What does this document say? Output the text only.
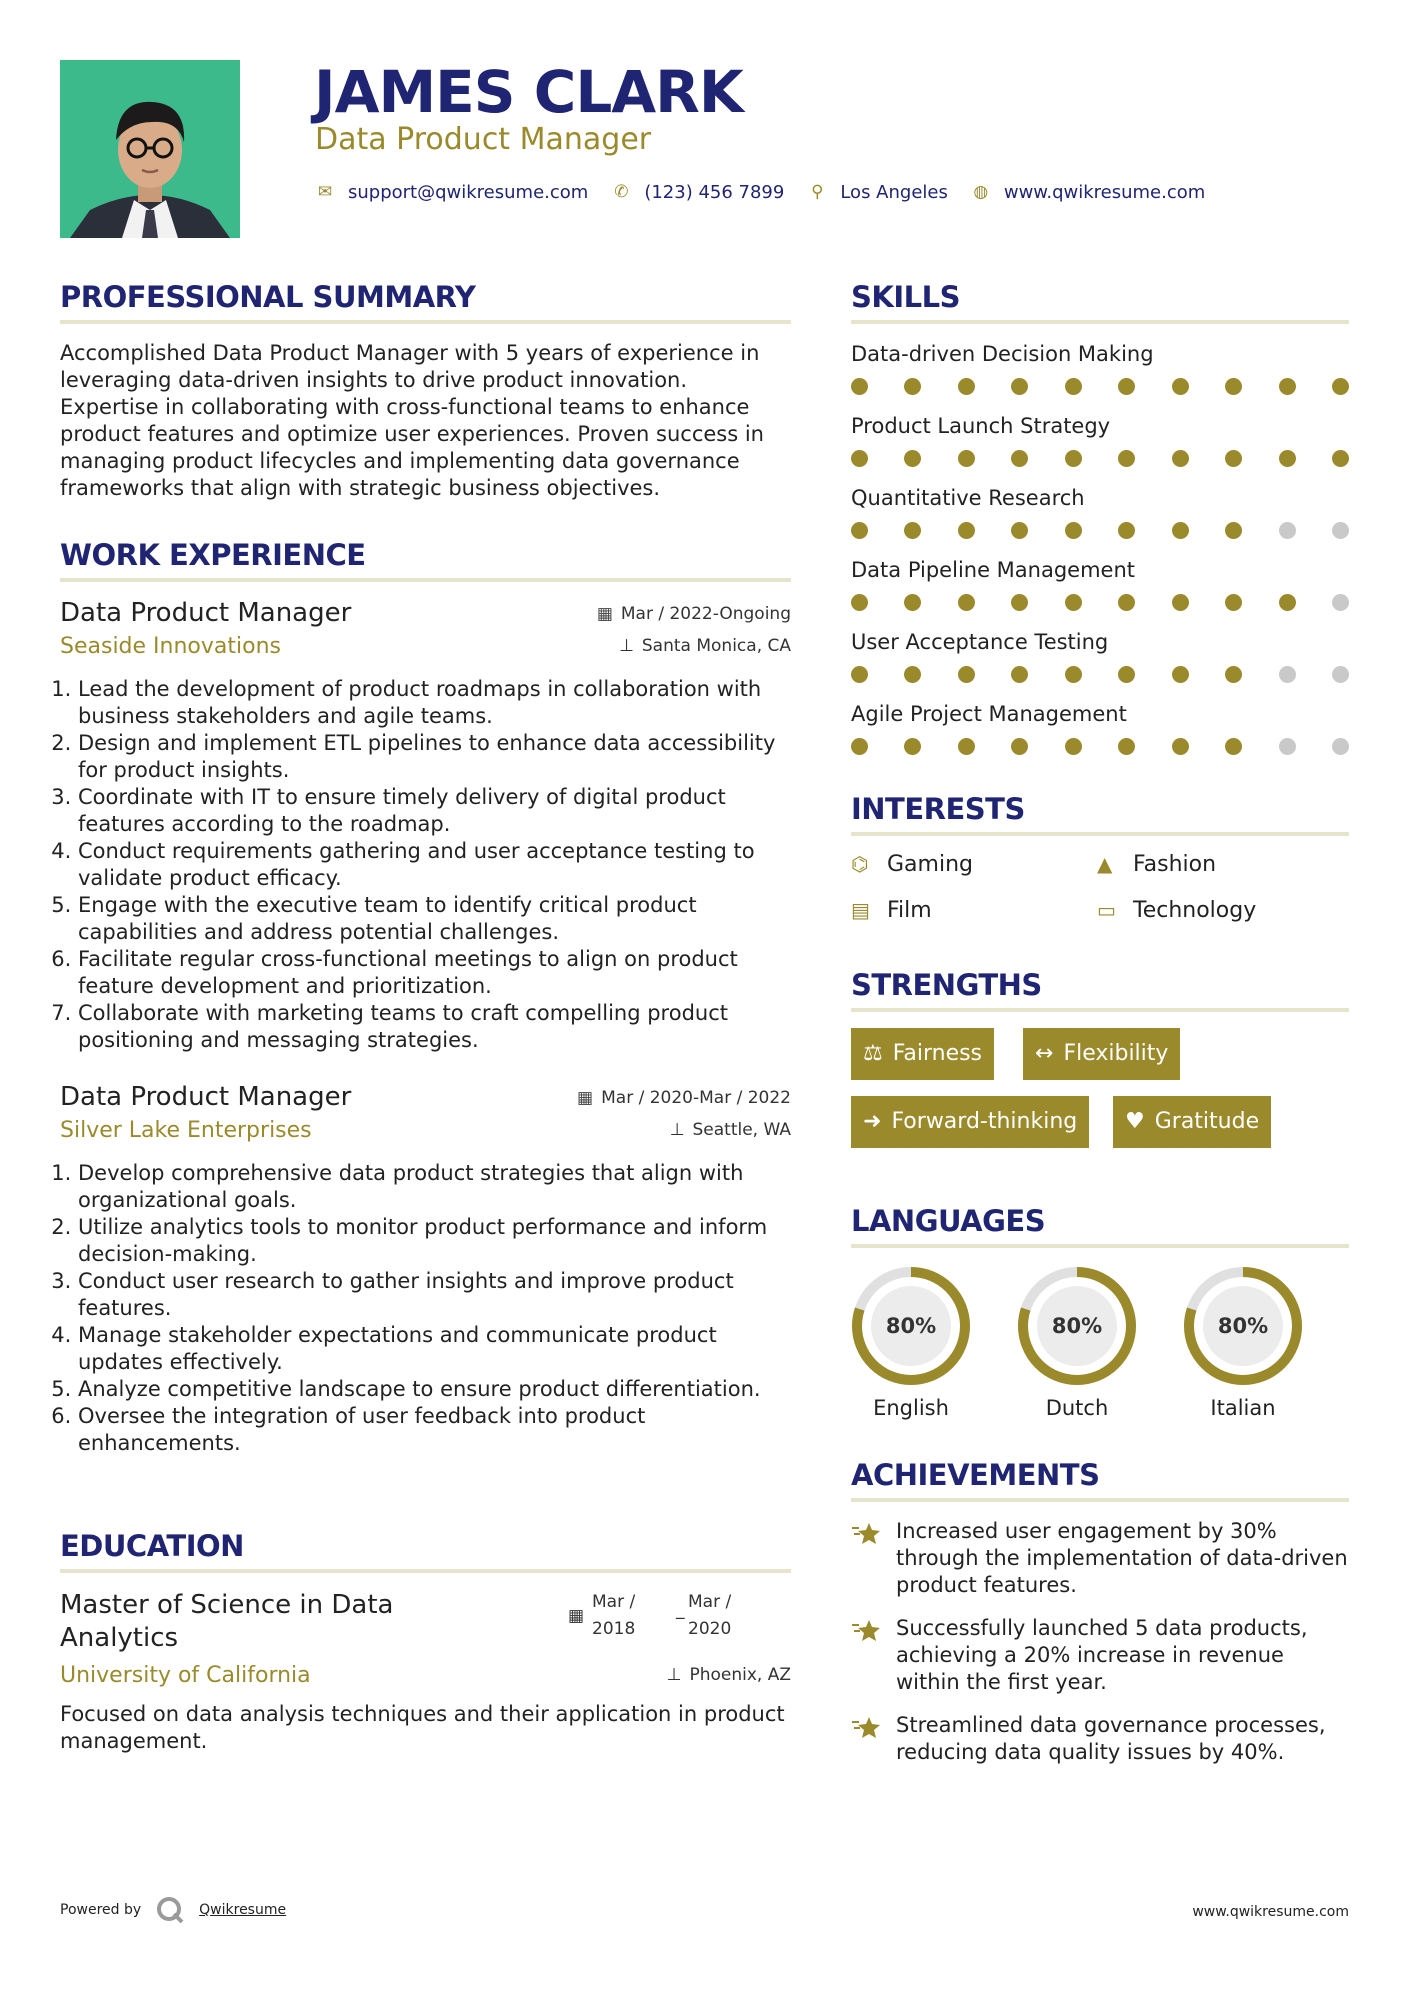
JAMES CLARK
Data Product Manager
✉ support@qwikresume.com ✆ (123) 456 7899 ⚲ Los Angeles ◍ www.qwikresume.com
PROFESSIONAL SUMMARY

Accomplished Data Product Manager with 5 years of experience in leveraging data-driven insights to drive product innovation. Expertise in collaborating with cross-functional teams to enhance product features and optimize user experiences. Proven success in managing product lifecycles and implementing data governance frameworks that align with strategic business objectives.

WORK EXPERIENCE
Data Product Manager	▦ Mar / 2022-Ongoing
Seaside Innovations	⊥ Santa Monica, CA
1. Lead the development of product roadmaps in collaboration with business stakeholders and agile teams.
2. Design and implement ETL pipelines to enhance data accessibility for product insights.
3. Coordinate with IT to ensure timely delivery of digital product features according to the roadmap.
4. Conduct requirements gathering and user acceptance testing to validate product efficacy.
5. Engage with the executive team to identify critical product capabilities and address potential challenges.
6. Facilitate regular cross-functional meetings to align on product feature development and prioritization.
7. Collaborate with marketing teams to craft compelling product positioning and messaging strategies.
Data Product Manager	▦ Mar / 2020-Mar / 2022
Silver Lake Enterprises	⊥ Seattle, WA
1. Develop comprehensive data product strategies that align with organizational goals.
2. Utilize analytics tools to monitor product performance and inform decision-making.
3. Conduct user research to gather insights and improve product features.
4. Manage stakeholder expectations and communicate product updates effectively.
5. Analyze competitive landscape to ensure product differentiation.
6. Oversee the integration of user feedback into product enhancements.
EDUCATION
Master of Science in Data Analytics
▦
Mar / 2018
_ Mar / 2020
University of California	⊥ Phoenix, AZ

Focused on data analysis techniques and their application in product management.

SKILLS
Data-driven Decision Making
Product Launch Strategy
Quantitative Research
Data Pipeline Management
User Acceptance Testing
Agile Project Management
INTERESTS
⌬ Gaming	▲ Fashion
▤ Film	▭ Technology
STRENGTHS
⚖ Fairness	↔ Flexibility
➜ Forward-thinking	♥ Gratitude
LANGUAGES
80%
English
80%
Dutch
80%
Italian
ACHIEVEMENTS
Increased user engagement by 30% through the implementation of data-driven product features.
Successfully launched 5 data products, achieving a 20% increase in revenue within the first year.
Streamlined data governance processes, reducing data quality issues by 40%.
Powered by	Qwikresume	www.qwikresume.com
